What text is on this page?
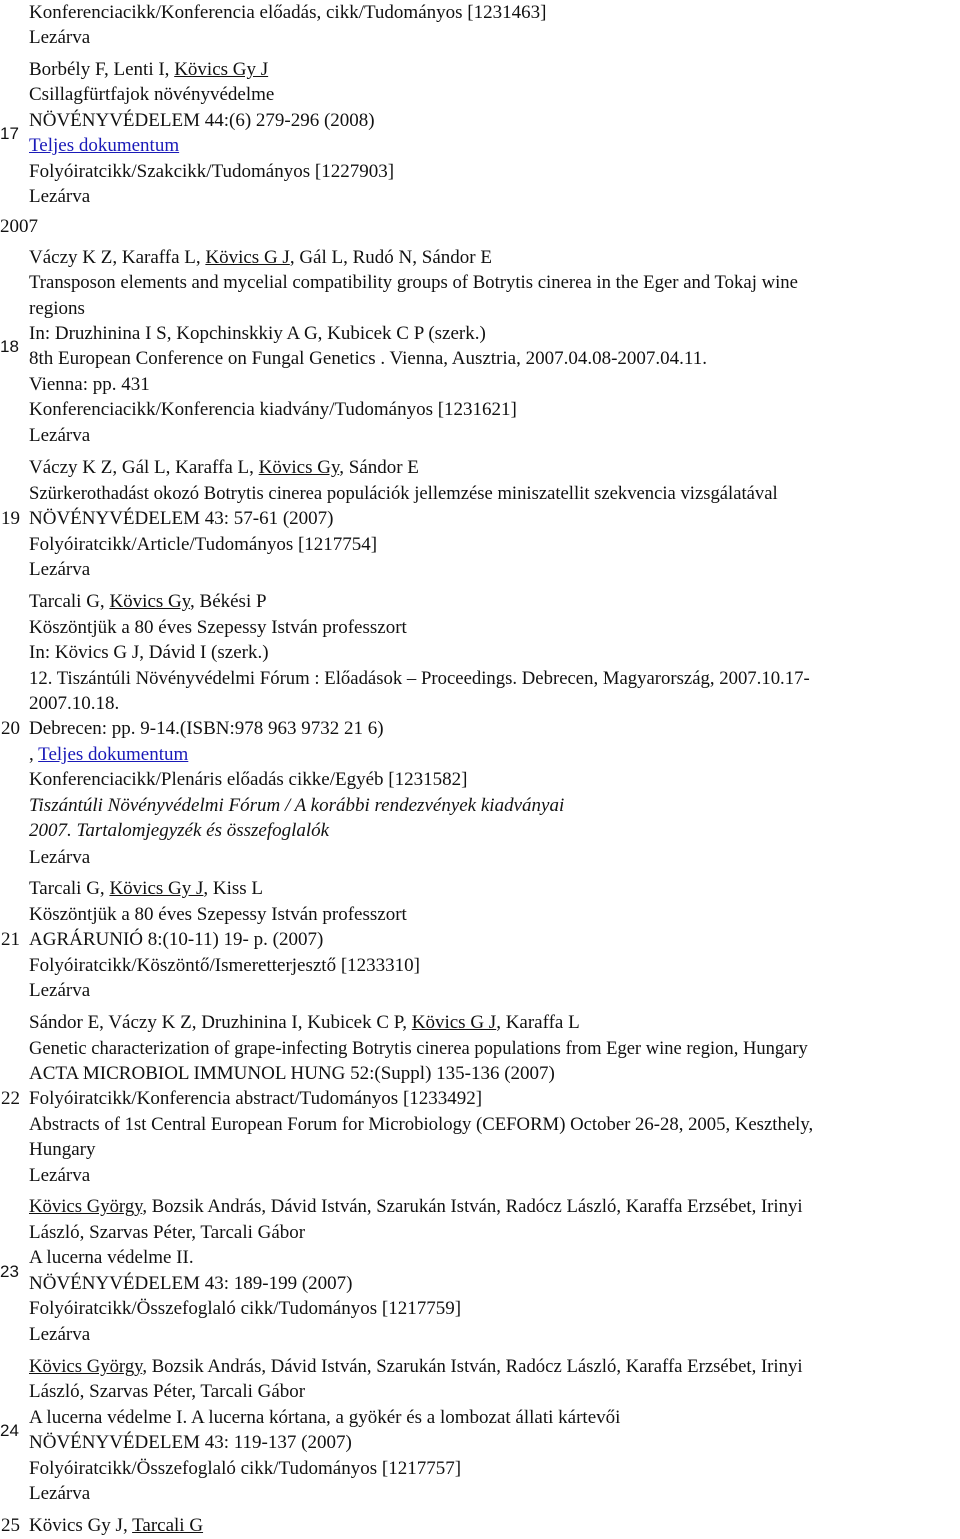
Konferenciacikk/Konferencia előadás, cikk/Tudományos [1231463]
Lezárva
Borbély F, Lenti I, Kövics Gy J
Csillagfürtfajok növényvédelme
17
NÖVÉNYVÉDELEM 44:(6) 279-296 (2008)
Teljes dokumentum
Folyóiratcikk/Szakcikk/Tudományos [1227903]
Lezárva
2007
Váczy K Z, Karaffa L, Kövics G J, Gál L, Rudó N, Sándor E
Transposon elements and mycelial compatibility groups of Botrytis cinerea in the Eger and Tokaj wine
regions
In: Druzhinina I S, Kopchinskkiy A G, Kubicek C P (szerk.)
18
8th European Conference on Fungal Genetics . Vienna, Ausztria, 2007.04.08-2007.04.11.
Vienna: pp. 431
Konferenciacikk/Konferencia kiadvány/Tudományos [1231621]
Lezárva
Váczy K Z, Gál L, Karaffa L, Kövics Gy, Sándor E
Szürkerothadást okozó Botrytis cinerea populációk jellemzése miniszatellit szekvencia vizsgálatával
19 NÖVÉNYVÉDELEM 43: 57-61 (2007)
Folyóiratcikk/Article/Tudományos [1217754]
Lezárva
Tarcali G, Kövics Gy, Békési P
Köszöntjük a 80 éves Szepessy István professzort
In: Kövics G J, Dávid I (szerk.)
12. Tiszántúli Növényvédelmi Fórum : Előadások – Proceedings. Debrecen, Magyarország, 2007.10.17-
2007.10.18.
20 Debrecen: pp. 9-14.(ISBN:978 963 9732 21 6)
, Teljes dokumentum
Konferenciacikk/Plenáris előadás cikke/Egyéb [1231582]
Tiszántúli Növényvédelmi Fórum / A korábbi rendezvények kiadványai
2007. Tartalomjegyzék és összefoglalók
Lezárva
Tarcali G, Kövics Gy J, Kiss L
Köszöntjük a 80 éves Szepessy István professzort
21 AGRÁRUNIÓ 8:(10-11) 19- p. (2007)
Folyóiratcikk/Köszöntő/Ismeretterjesztő [1233310]
Lezárva
Sándor E, Váczy K Z, Druzhinina I, Kubicek C P, Kövics G J, Karaffa L
Genetic characterization of grape-infecting Botrytis cinerea populations from Eger wine region, Hungary
ACTA MICROBIOL IMMUNOL HUNG 52:(Suppl) 135-136 (2007)
22 Folyóiratcikk/Konferencia abstract/Tudományos [1233492]
Abstracts of 1st Central European Forum for Microbiology (CEFORM) October 26-28, 2005, Keszthely,
Hungary
Lezárva
Kövics György, Bozsik András, Dávid István, Szarukán István, Radócz László, Karaffa Erzsébet, Irinyi
László, Szarvas Péter, Tarcali Gábor
A lucerna védelme II.
23
NÖVÉNYVÉDELEM 43: 189-199 (2007)
Folyóiratcikk/Összefoglaló cikk/Tudományos [1217759]
Lezárva
Kövics György, Bozsik András, Dávid István, Szarukán István, Radócz László, Karaffa Erzsébet, Irinyi
László, Szarvas Péter, Tarcali Gábor
A lucerna védelme I. A lucerna kórtana, a gyökér és a lombozat állati kártevői
24
NÖVÉNYVÉDELEM 43: 119-137 (2007)
Folyóiratcikk/Összefoglaló cikk/Tudományos [1217757]
Lezárva
25 Kövics Gy J, Tarcali G
